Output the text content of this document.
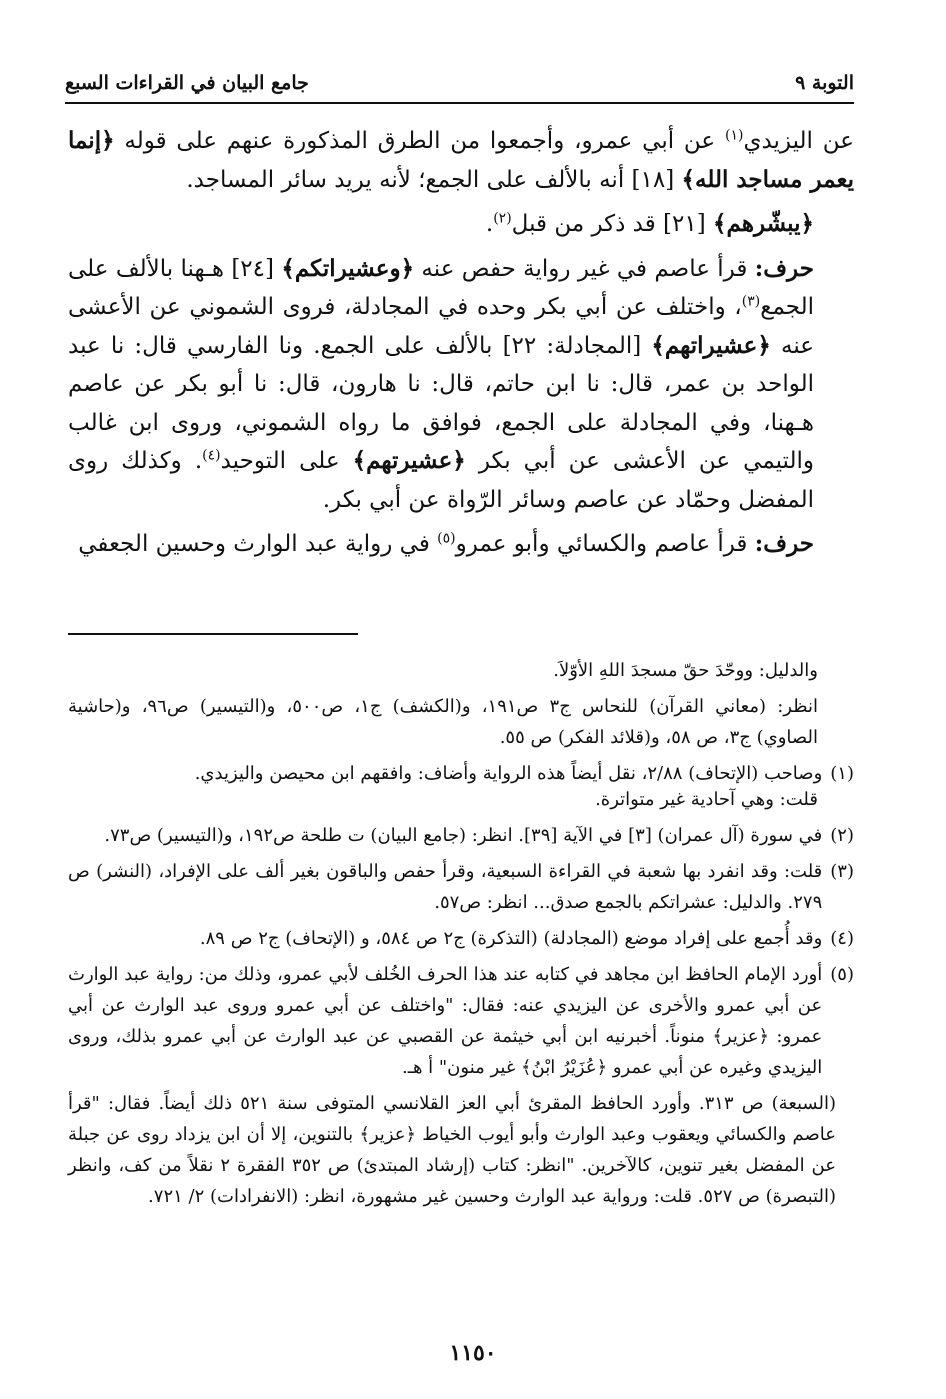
التوبة ٩
جامع البيان في القراءات السبع

عن اليزيدي$^{(١)}$ عن أبي عمرو، وأجمعوا من الطرق المذكورة عنهم على قوله ﴿إنما يعمر مساجد الله﴾ [١٨] أنه بالألف على الجمع؛ لأنه يريد سائر المساجد.

﴿يبشّرهم﴾ [٢١] قد ذكر من قبل$^{(٢)}$.

حرف: قرأ عاصم في غير رواية حفص عنه ﴿وعشيراتكم﴾ [٢٤] هـهنا بالألف على الجمع$^{(٣)}$، واختلف عن أبي بكر وحده في المجادلة، فروى الشموني عن الأعشى عنه ﴿عشيراتهم﴾ [المجادلة: ٢٢] بالألف على الجمع. ونا الفارسي قال: نا عبد الواحد بن عمر، قال: نا ابن حاتم، قال: نا هارون، قال: نا أبو بكر عن عاصم هـهنا، وفي المجادلة على الجمع، فوافق ما رواه الشموني، وروى ابن غالب والتيمي عن الأعشى عن أبي بكر ﴿عشيرتهم﴾ على التوحيد$^{(٤)}$. وكذلك روى المفضل وحمّاد عن عاصم وسائر الرّواة عن أبي بكر.

حرف: قرأ عاصم والكسائي وأبو عمرو$^{(٥)}$ في رواية عبد الوارث وحسين الجعفي

والدليل: ووحّدَ حقّ مسجدَ اللهِ الأوّلاَ.

انظر: (معاني القرآن) للنحاس ج٣ ص١٩١، و(الكشف) ج١، ص٥٠٠، و(التيسير) ص٩٦، و(حاشية الصاوي) ج٣، ص ٥٨، و(قلائد الفكر) ص ٥٥.

(١)
وصاحب (الإتحاف) ٢/٨٨، نقل أيضاً هذه الرواية وأضاف: وافقهم ابن محيصن واليزيدي.

قلت: وهي آحادية غير متواترة.

(٢)
في سورة (آل عمران) [٣] في الآية [٣٩]. انظر: (جامع البيان) ت طلحة ص١٩٢، و(التيسير) ص٧٣.
(٣)
قلت: وقد انفرد بها شعبة في القراءة السبعية، وقرأ حفص والباقون بغير ألف على الإفراد، (النشر) ص ٢٧٩. والدليل: عشراتكم بالجمع صدق... انظر: ص٥٧.
(٤)
وقد أُجمع على إفراد موضع (المجادلة) (التذكرة) ج٢ ص ٥٨٤، و (الإتحاف) ج٢ ص ٨٩.
(٥)
أورد الإمام الحافظ ابن مجاهد في كتابه عند هذا الحرف الخُلف لأبي عمرو، وذلك من: رواية عبد الوارث عن أبي عمرو والأخرى عن اليزيدي عنه: فقال: "واختلف عن أبي عمرو وروى عبد الوارث عن أبي عمرو: ﴿عزير﴾ منوناً. أخبرنيه ابن أبي خيثمة عن القصبي عن عبد الوارث عن أبي عمرو بذلك، وروى اليزيدي وغيره عن أبي عمرو ﴿عُزَيْرُ ابْنُ﴾ غير منون" أ هـ.

(السبعة) ص ٣١٣. وأورد الحافظ المقرئ أبي العز القلانسي المتوفى سنة ٥٢١ ذلك أيضاً. فقال: "قرأ عاصم والكسائي ويعقوب وعبد الوارث وأبو أيوب الخياط ﴿عزير﴾ بالتنوين، إلا أن ابن يزداد روى عن جبلة عن المفضل بغير تنوين، كالآخرين. "انظر: كتاب (إرشاد المبتدئ) ص ٣٥٢ الفقرة ٢ نقلاً من كف، وانظر (التبصرة) ص ٥٢٧. قلت: ورواية عبد الوارث وحسين غير مشهورة، انظر: (الانفرادات) ٢/ ٧٢١.

١١٥٠
